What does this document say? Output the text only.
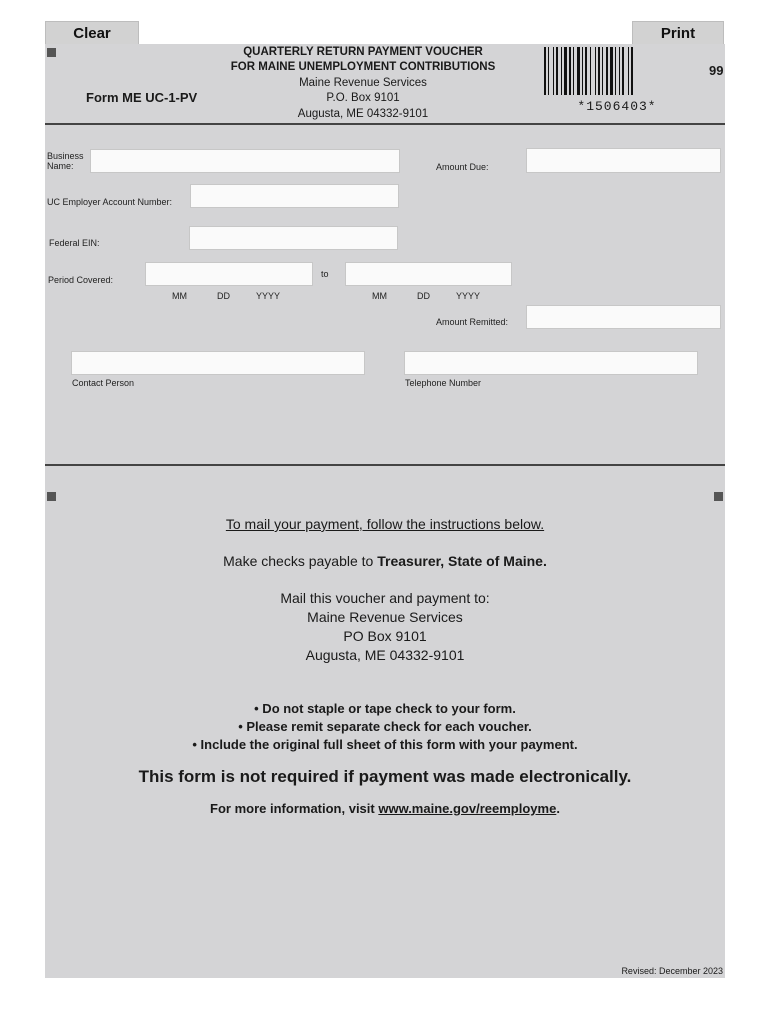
Clear	Print
QUARTERLY RETURN PAYMENT VOUCHER
FOR MAINE UNEMPLOYMENT CONTRIBUTIONS
Maine Revenue Services
P.O. Box 9101
Augusta, ME 04332-9101
Form ME UC-1-PV
*1506403*
99
Business
Name:	Amount Due:
UC Employer Account Number:
Federal EIN:
Period Covered:
to
MM	DD	YYYY	MM	DD	YYYY
Amount Remitted:
Contact Person	Telephone Number
To mail your payment, follow the instructions below.
Make checks payable to Treasurer, State of Maine.
Mail this voucher and payment to:
Maine Revenue Services
PO Box 9101
Augusta, ME 04332-9101
• Do not staple or tape check to your form.
• Please remit separate check for each voucher.
• Include the original full sheet of this form with your payment.
This form is not required if payment was made electronically.
For more information, visit www.maine.gov/reemployme.
Revised: December 2023
